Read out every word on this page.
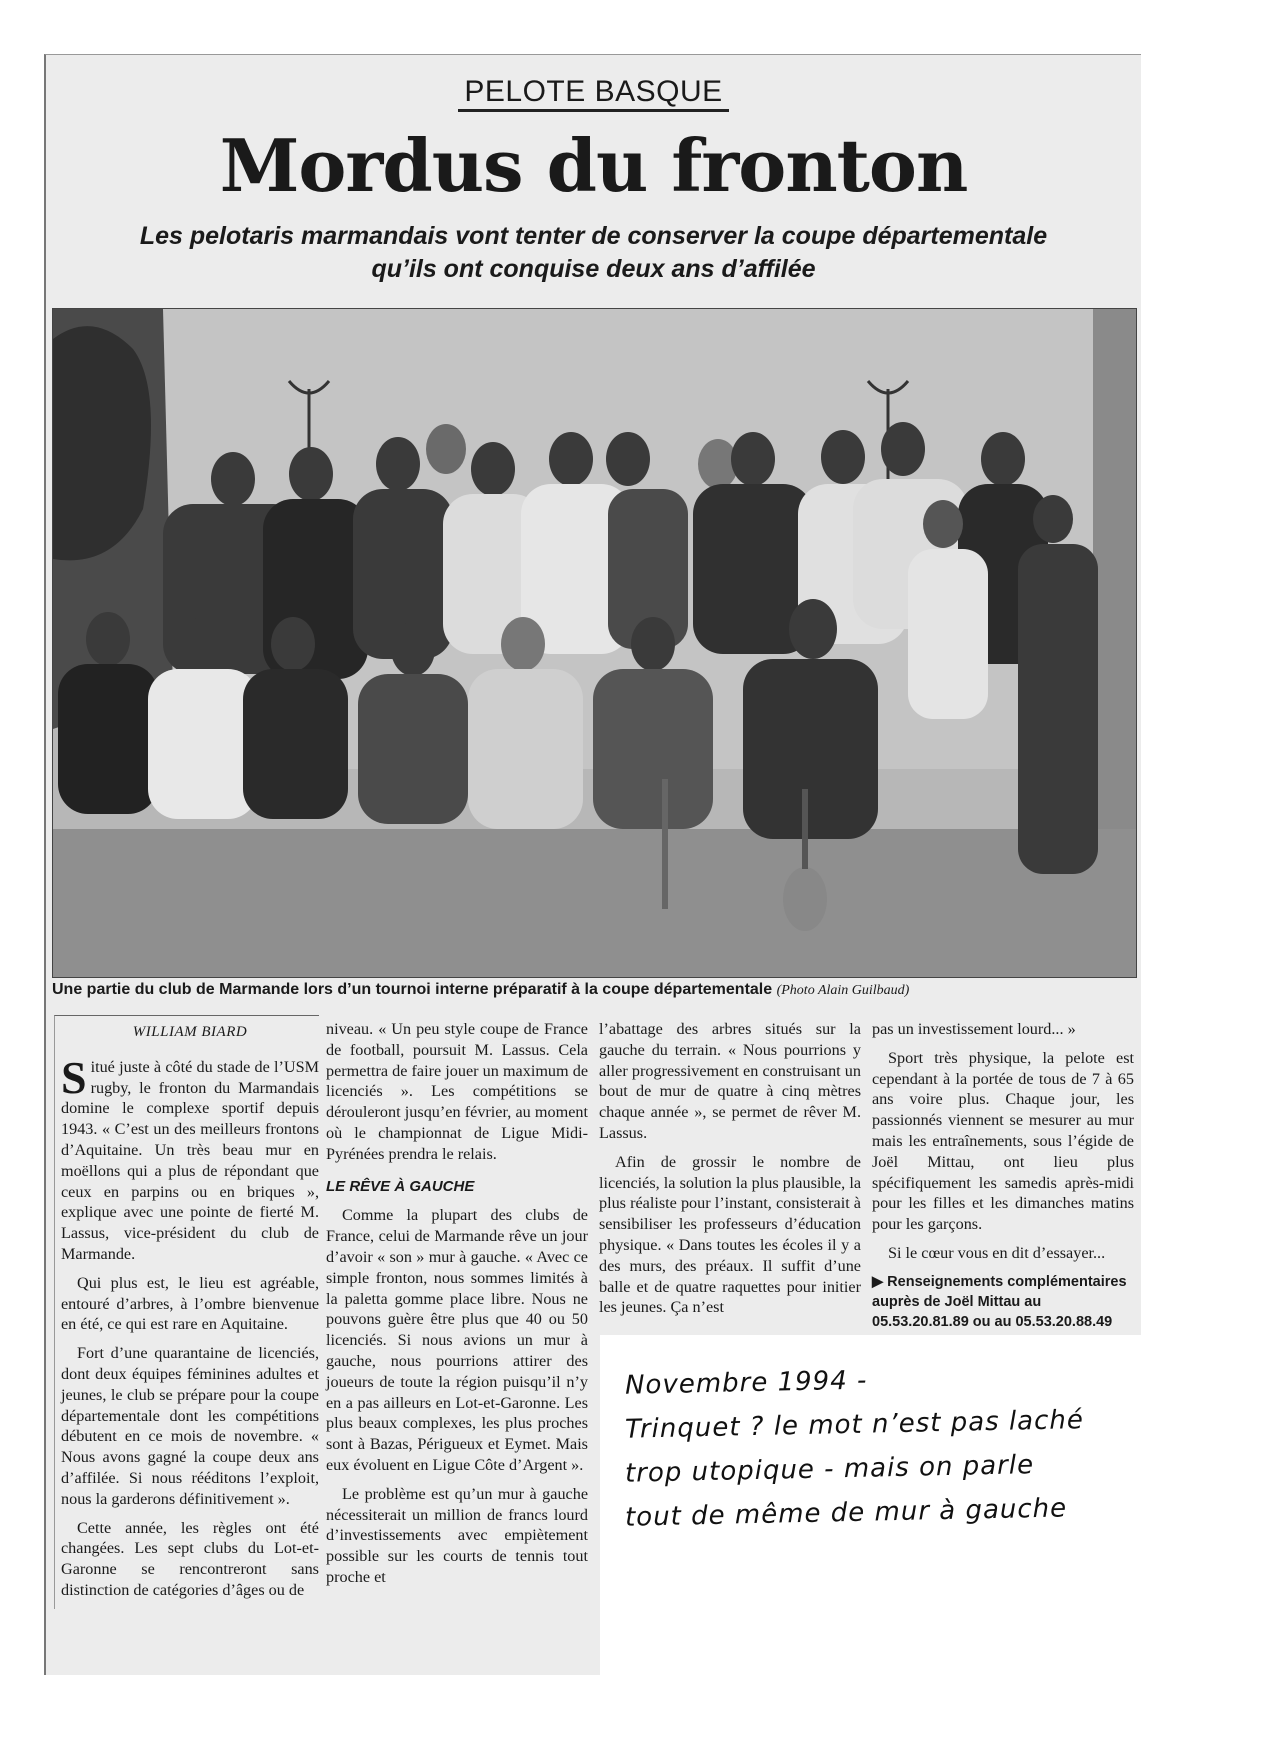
PELOTE BASQUE
Mordus du fronton
Les pelotaris marmandais vont tenter de conserver la coupe départementale
qu’ils ont conquise deux ans d’affilée
Une partie du club de Marmande lors d’un tournoi interne préparatif à la coupe départementale (Photo Alain Guilbaud)
WILLIAM BIARD

Situé juste à côté du stade de l’USM rugby, le fronton du Marmandais domine le complexe sportif depuis 1943. « C’est un des meilleurs frontons d’Aquitaine. Un très beau mur en moëllons qui a plus de répondant que ceux en parpins ou en briques », explique avec une pointe de fierté M. Lassus, vice-président du club de Marmande.

Qui plus est, le lieu est agréable, entouré d’arbres, à l’ombre bienvenue en été, ce qui est rare en Aquitaine.

Fort d’une quarantaine de licenciés, dont deux équipes féminines adultes et jeunes, le club se prépare pour la coupe départementale dont les compétitions débutent en ce mois de novembre. « Nous avons gagné la coupe deux ans d’affilée. Si nous rééditons l’exploit, nous la garderons définitivement ».

Cette année, les règles ont été changées. Les sept clubs du Lot-et-Garonne se rencontreront sans distinction de catégories d’âges ou de

niveau. « Un peu style coupe de France de football, poursuit M. Lassus. Cela permettra de faire jouer un maximum de licenciés ». Les compétitions se dérouleront jusqu’en février, au moment où le championnat de Ligue Midi-Pyrénées prendra le relais.

LE RÊVE À GAUCHE

Comme la plupart des clubs de France, celui de Marmande rêve un jour d’avoir « son » mur à gauche. « Avec ce simple fronton, nous sommes limités à la paletta gomme place libre. Nous ne pouvons guère être plus que 40 ou 50 licenciés. Si nous avions un mur à gauche, nous pourrions attirer des joueurs de toute la région puisqu’il n’y en a pas ailleurs en Lot-et-Garonne. Les plus beaux complexes, les plus proches sont à Bazas, Périgueux et Eymet. Mais eux évoluent en Ligue Côte d’Argent ».

Le problème est qu’un mur à gauche nécessiterait un million de francs lourd d’investissements avec empiètement possible sur les courts de tennis tout proche et

l’abattage des arbres situés sur la gauche du terrain. « Nous pourrions y aller progressivement en construisant un bout de mur de quatre à cinq mètres chaque année », se permet de rêver M. Lassus.

Afin de grossir le nombre de licenciés, la solution la plus plausible, la plus réaliste pour l’instant, consisterait à sensibiliser les professeurs d’éducation physique. « Dans toutes les écoles il y a des murs, des préaux. Il suffit d’une balle et de quatre raquettes pour initier les jeunes. Ça n’est

pas un investissement lourd... »

Sport très physique, la pelote est cependant à la portée de tous de 7 à 65 ans voire plus. Chaque jour, les passionnés viennent se mesurer au mur mais les entraînements, sous l’égide de Joël Mittau, ont lieu plus spécifiquement les samedis après-midi pour les filles et les dimanches matins pour les garçons.

Si le cœur vous en dit d’essayer...

▶ Renseignements complémentaires auprès de Joël Mittau au 05.53.20.81.89 ou au 05.53.20.88.49
Novembre 1994 -
Trinquet ? le mot n’est pas laché
trop utopique - mais on parle
tout de même de mur à gauche
